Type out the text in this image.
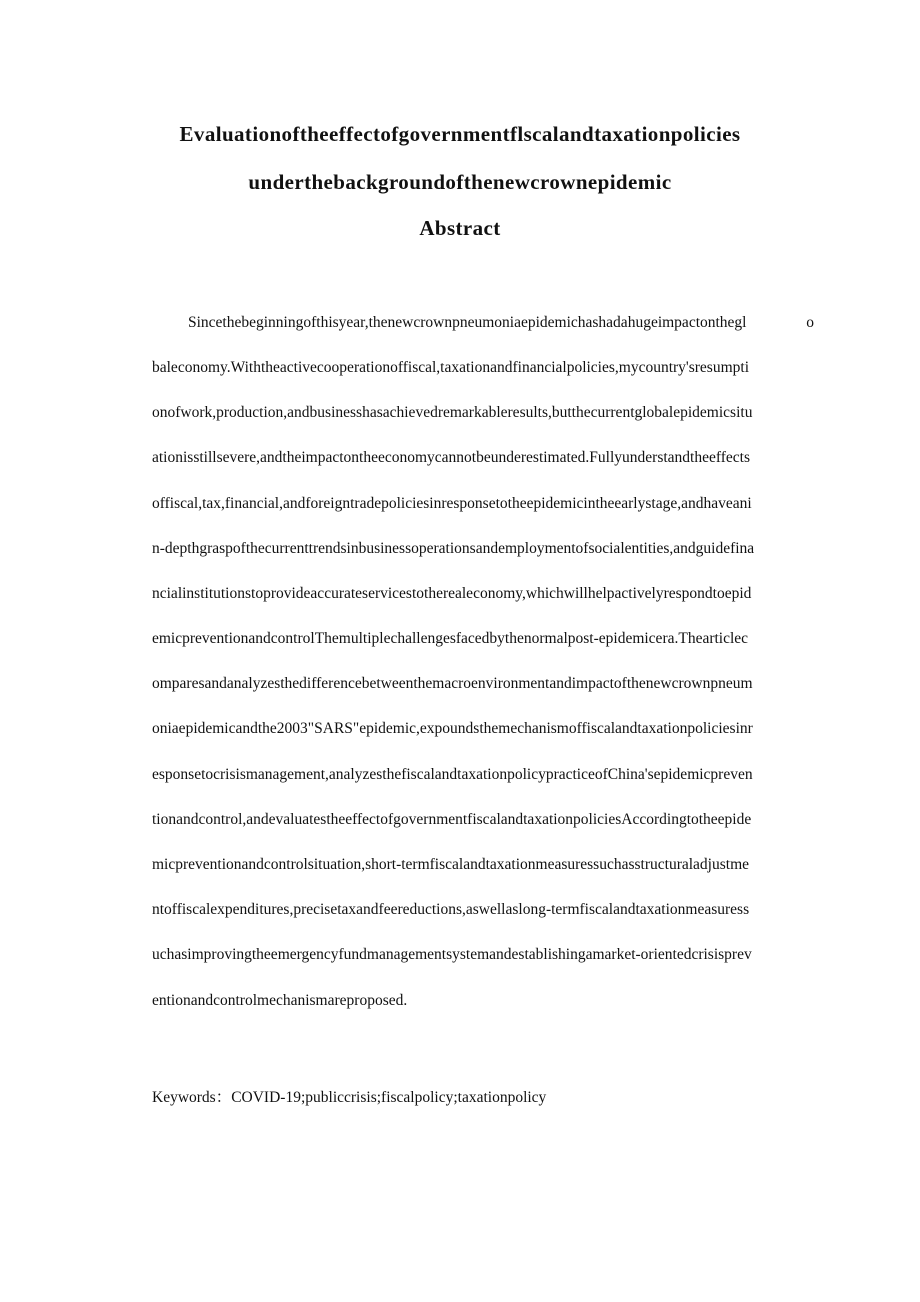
Evaluationoftheeffectofgovernmentflscalandtaxationpolicies
underthebackgroundofthenewcrownepidemic
Abstract
Sincethebeginningofthisyear,thenewcrownpneumoniaepidemichashadahugeimpactonthegl o
baleconomy.Withtheactivecooperationoffiscal,taxationandfinancialpolicies,mycountry'sresumpti
onofwork,production,andbusinesshasachievedremarkableresults,butthecurrentglobalepidemicsitu
ationisstillsevere,andtheimpactontheeconomycannotbeunderestimated.Fullyunderstandtheeffects
offiscal,tax,financial,andforeigntradepoliciesinresponsetotheepidemicintheearlystage,andhaveani
n-depthgraspofthecurrenttrendsinbusinessoperationsandemploymentofsocialentities,andguidefina
ncialinstitutionstoprovideaccurateservicestotherealeconomy,whichwillhelpactivelyrespondtoepid
emicpreventionandcontrolThemultiplechallengesfacedbythenormalpost-epidemicera.Thearticlec
omparesandanalyzesthedifferencebetweenthemacroenvironmentandimpactofthenewcrownpneum
oniaepidemicandthe2003"SARS"epidemic,expoundsthemechanismoffiscalandtaxationpoliciesinr
esponsetocrisismanagement,analyzesthefiscalandtaxationpolicypracticeofChina'sepidemicpreven
tionandcontrol,andevaluatestheeffectofgovernmentfiscalandtaxationpoliciesAccordingtotheepide
micpreventionandcontrolsituation,short-termfiscalandtaxationmeasuressuchasstructuraladjustme
ntoffiscalexpenditures,precisetaxandfeereductions,aswellaslong-termfiscalandtaxationmeasuress
uchasimprovingtheemergencyfundmanagementsystemandestablishingamarket-orientedcrisisprev
entionandcontrolmechanismareproposed.
Keywords：COVID-19;publiccrisis;fiscalpolicy;taxationpolicy
